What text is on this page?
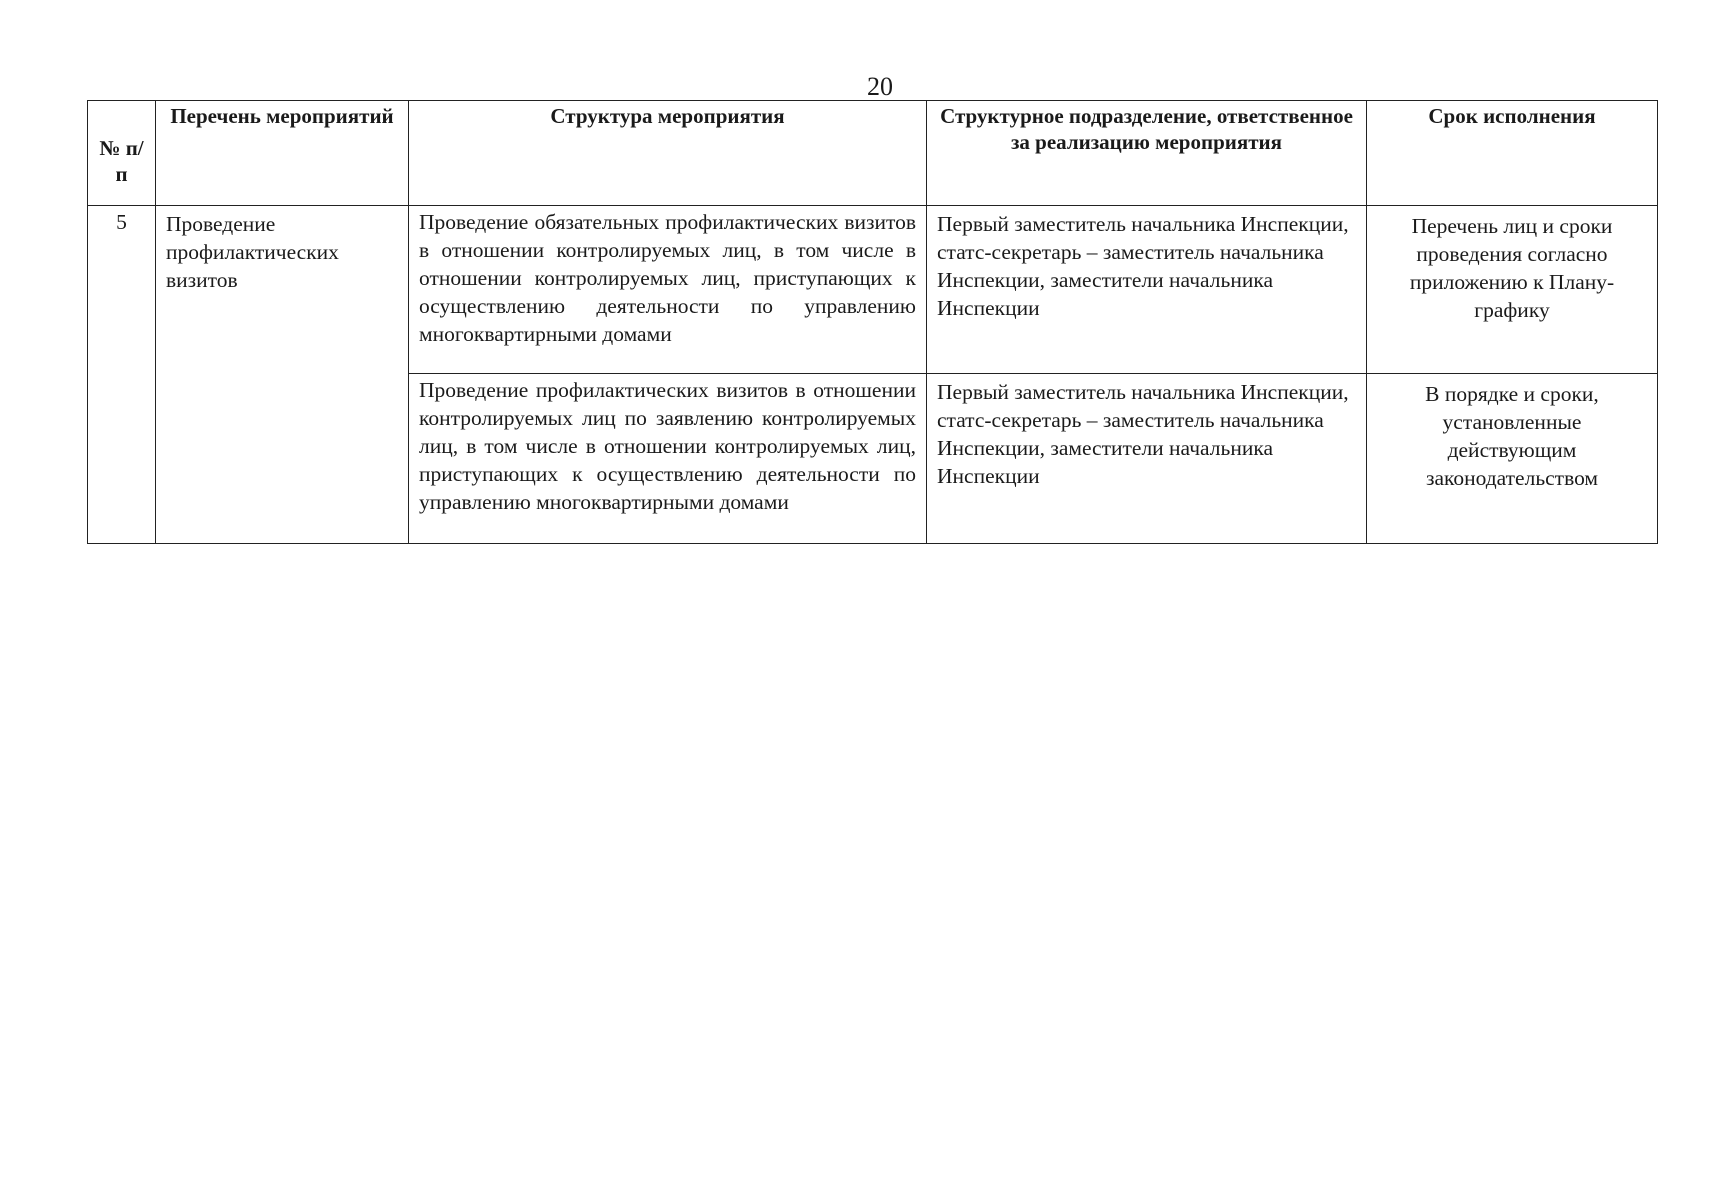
20
№ п/п	Перечень мероприятий	Структура мероприятия	Структурное подразделение, ответственное за реализацию мероприятия	Срок исполнения
5	Проведение профилактических визитов	Проведение обязательных профилактических визитов в отношении контролируемых лиц, в том числе в отношении контролируемых лиц, приступающих к осуществлению деятельности по управлению многоквартирными домами	Первый заместитель начальника Инспекции, статс-секретарь – заместитель начальника Инспекции, заместители начальника Инспекции	Перечень лиц и сроки проведения согласно приложению к Плану-графику
		Проведение профилактических визитов в отношении контролируемых лиц по заявлению контролируемых лиц, в том числе в отношении контролируемых лиц, приступающих к осуществлению деятельности по управлению многоквартирными домами	Первый заместитель начальника Инспекции, статс-секретарь – заместитель начальника Инспекции, заместители начальника Инспекции	В порядке и сроки, установленные действующим законодательством
